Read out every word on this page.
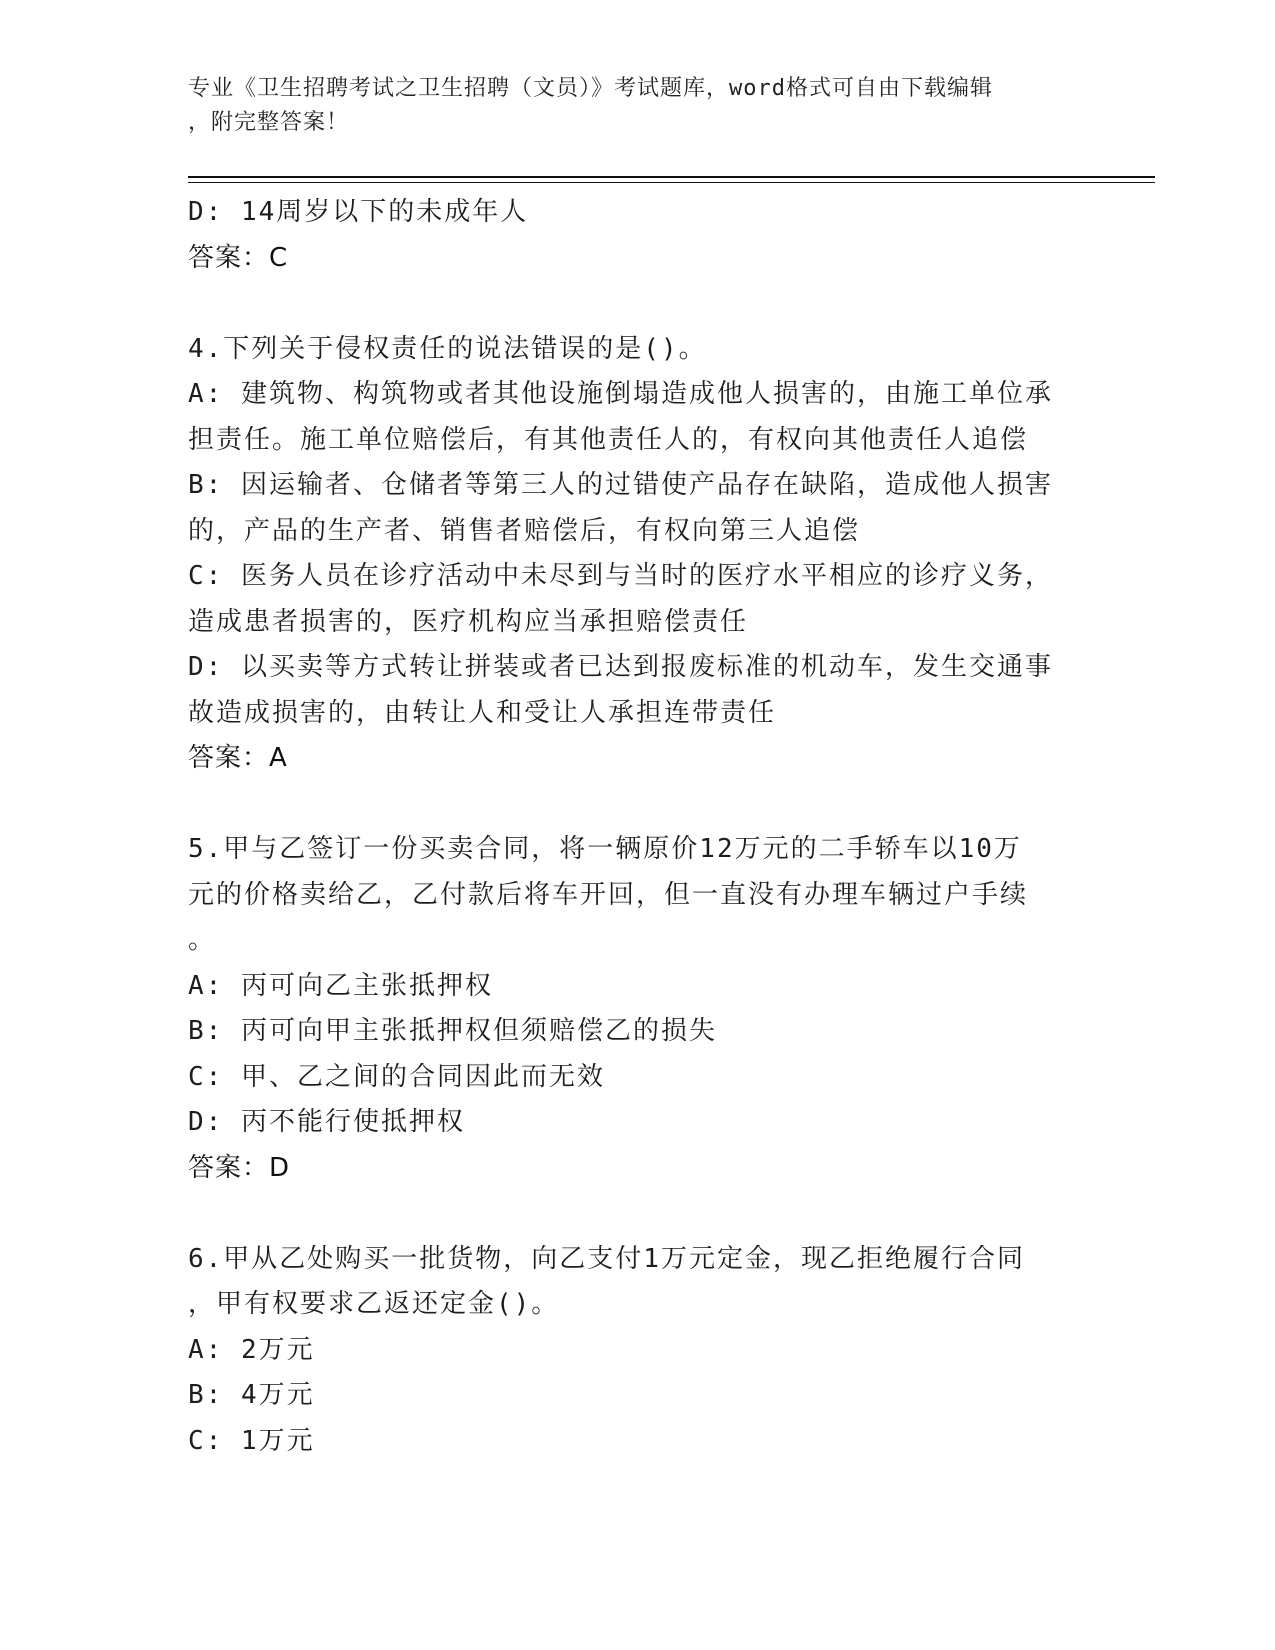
专业《卫生招聘考试之卫生招聘（文员）》考试题库，word格式可自由下载编辑
，附完整答案！
D: 14周岁以下的未成年人
答案：C
4.下列关于侵权责任的说法错误的是()。
A: 建筑物、构筑物或者其他设施倒塌造成他人损害的，由施工单位承
担责任。施工单位赔偿后，有其他责任人的，有权向其他责任人追偿
B: 因运输者、仓储者等第三人的过错使产品存在缺陷，造成他人损害
的，产品的生产者、销售者赔偿后，有权向第三人追偿
C: 医务人员在诊疗活动中未尽到与当时的医疗水平相应的诊疗义务，
造成患者损害的，医疗机构应当承担赔偿责任
D: 以买卖等方式转让拼装或者已达到报废标准的机动车，发生交通事
故造成损害的，由转让人和受让人承担连带责任
答案：A
5.甲与乙签订一份买卖合同，将一辆原价12万元的二手轿车以10万
元的价格卖给乙，乙付款后将车开回，但一直没有办理车辆过户手续
。
A: 丙可向乙主张抵押权
B: 丙可向甲主张抵押权但须赔偿乙的损失
C: 甲、乙之间的合同因此而无效
D: 丙不能行使抵押权
答案：D
6.甲从乙处购买一批货物，向乙支付1万元定金，现乙拒绝履行合同
，甲有权要求乙返还定金()。
A: 2万元
B: 4万元
C: 1万元
